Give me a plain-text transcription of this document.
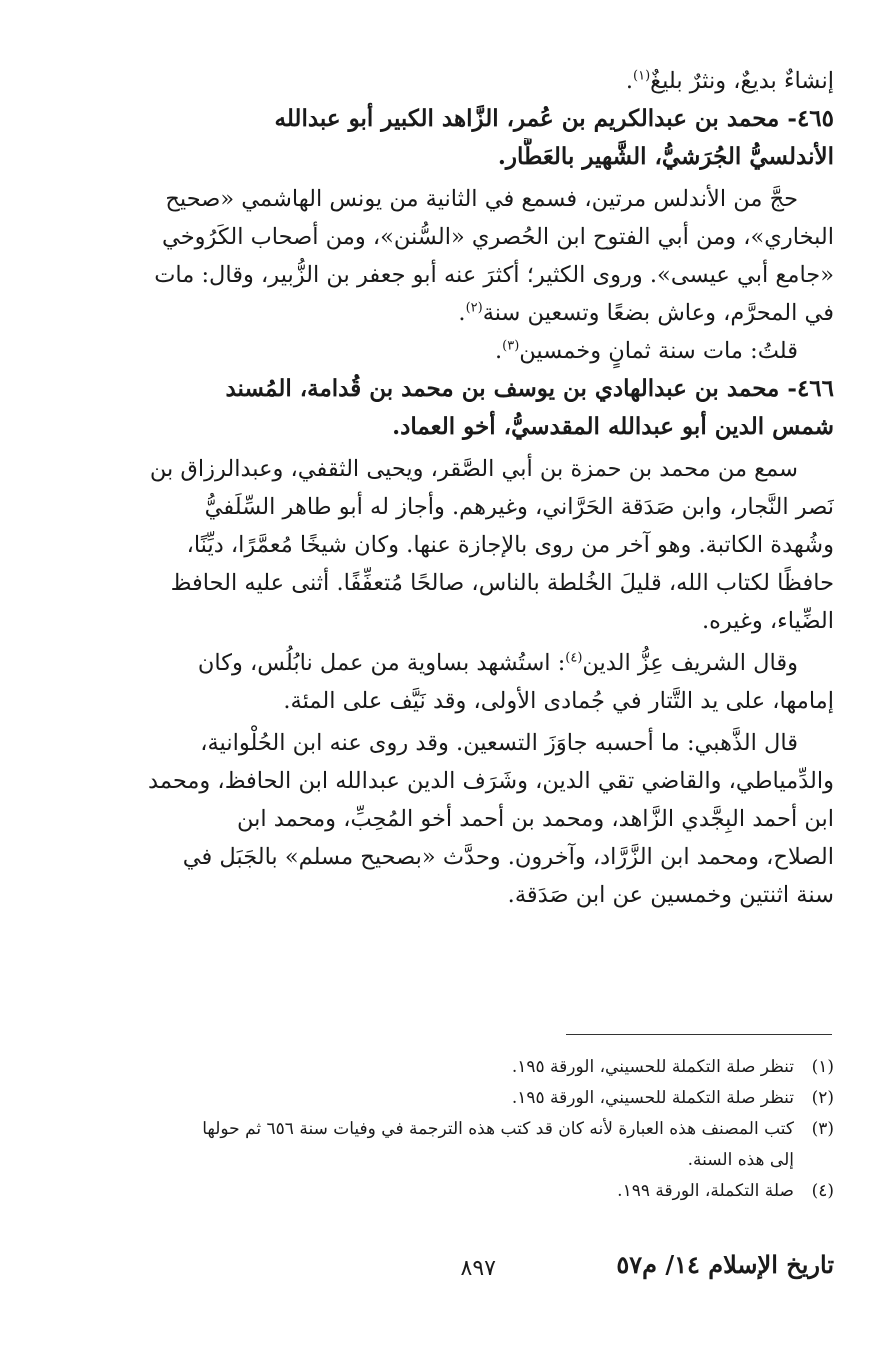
إنشاءٌ بديعٌ، ونثرٌ بليغٌ$^{(١)}$.
٤٦٥- محمد بن عبدالكريم بن عُمر، الزَّاهد الكبير أبو عبدالله
الأندلسيُّ الجُرَشيُّ، الشَّهير بالعَطَّار.
حجَّ من الأندلس مرتين، فسمع في الثانية من يونس الهاشمي «صحيح
البخاري»، ومن أبي الفتوح ابن الحُصري «السُّنن»، ومن أصحاب الكَرُوخي
«جامع أبي عيسى». وروى الكثير؛ أكثرَ عنه أبو جعفر بن الزُّبير، وقال: مات
في المحرَّم، وعاش بضعًا وتسعين سنة$^{(٢)}$.
قلتُ: مات سنة ثمانٍ وخمسين$^{(٣)}$.
٤٦٦- محمد بن عبدالهادي بن يوسف بن محمد بن قُدامة، المُسند
شمس الدين أبو عبدالله المقدسيُّ، أخو العماد.
سمع من محمد بن حمزة بن أبي الصَّقر، ويحيى الثقفي، وعبدالرزاق بن
نَصر النَّجار، وابن صَدَقة الحَرَّاني، وغيرهم. وأجاز له أبو طاهر السِّلَفيُّ
وشُهدة الكاتبة. وهو آخر من روى بالإجازة عنها. وكان شيخًا مُعمَّرًا، ديِّنًا،
حافظًا لكتاب الله، قليلَ الخُلطة بالناس، صالحًا مُتعفِّفًا. أثنى عليه الحافظ
الضِّياء، وغيره.
وقال الشريف عِزُّ الدين$^{(٤)}$: استُشهد بساوية من عمل نابُلُس، وكان
إمامها، على يد التَّتار في جُمادى الأولى، وقد نَيَّف على المئة.
قال الذَّهبي: ما أحسبه جاوَزَ التسعين. وقد روى عنه ابن الحُلْوانية،
والدِّمياطي، والقاضي تقي الدين، وشَرَف الدين عبدالله ابن الحافظ، ومحمد
ابن أحمد البِجَّدي الزَّاهد، ومحمد بن أحمد أخو المُحِبِّ، ومحمد ابن
الصلاح، ومحمد ابن الزَّرَّاد، وآخرون. وحدَّث «بصحيح مسلم» بالجَبَل في
سنة اثنتين وخمسين عن ابن صَدَقة.
(١)تنظر صلة التكملة للحسيني، الورقة ١٩٥.
(٢)تنظر صلة التكملة للحسيني، الورقة ١٩٥.
(٣)كتب المصنف هذه العبارة لأنه كان قد كتب هذه الترجمة في وفيات سنة ٦٥٦ ثم حولها
إلى هذه السنة.
(٤)صلة التكملة، الورقة ١٩٩.
تاريخ الإسلام ١٤/ م٥٧
٨٩٧
